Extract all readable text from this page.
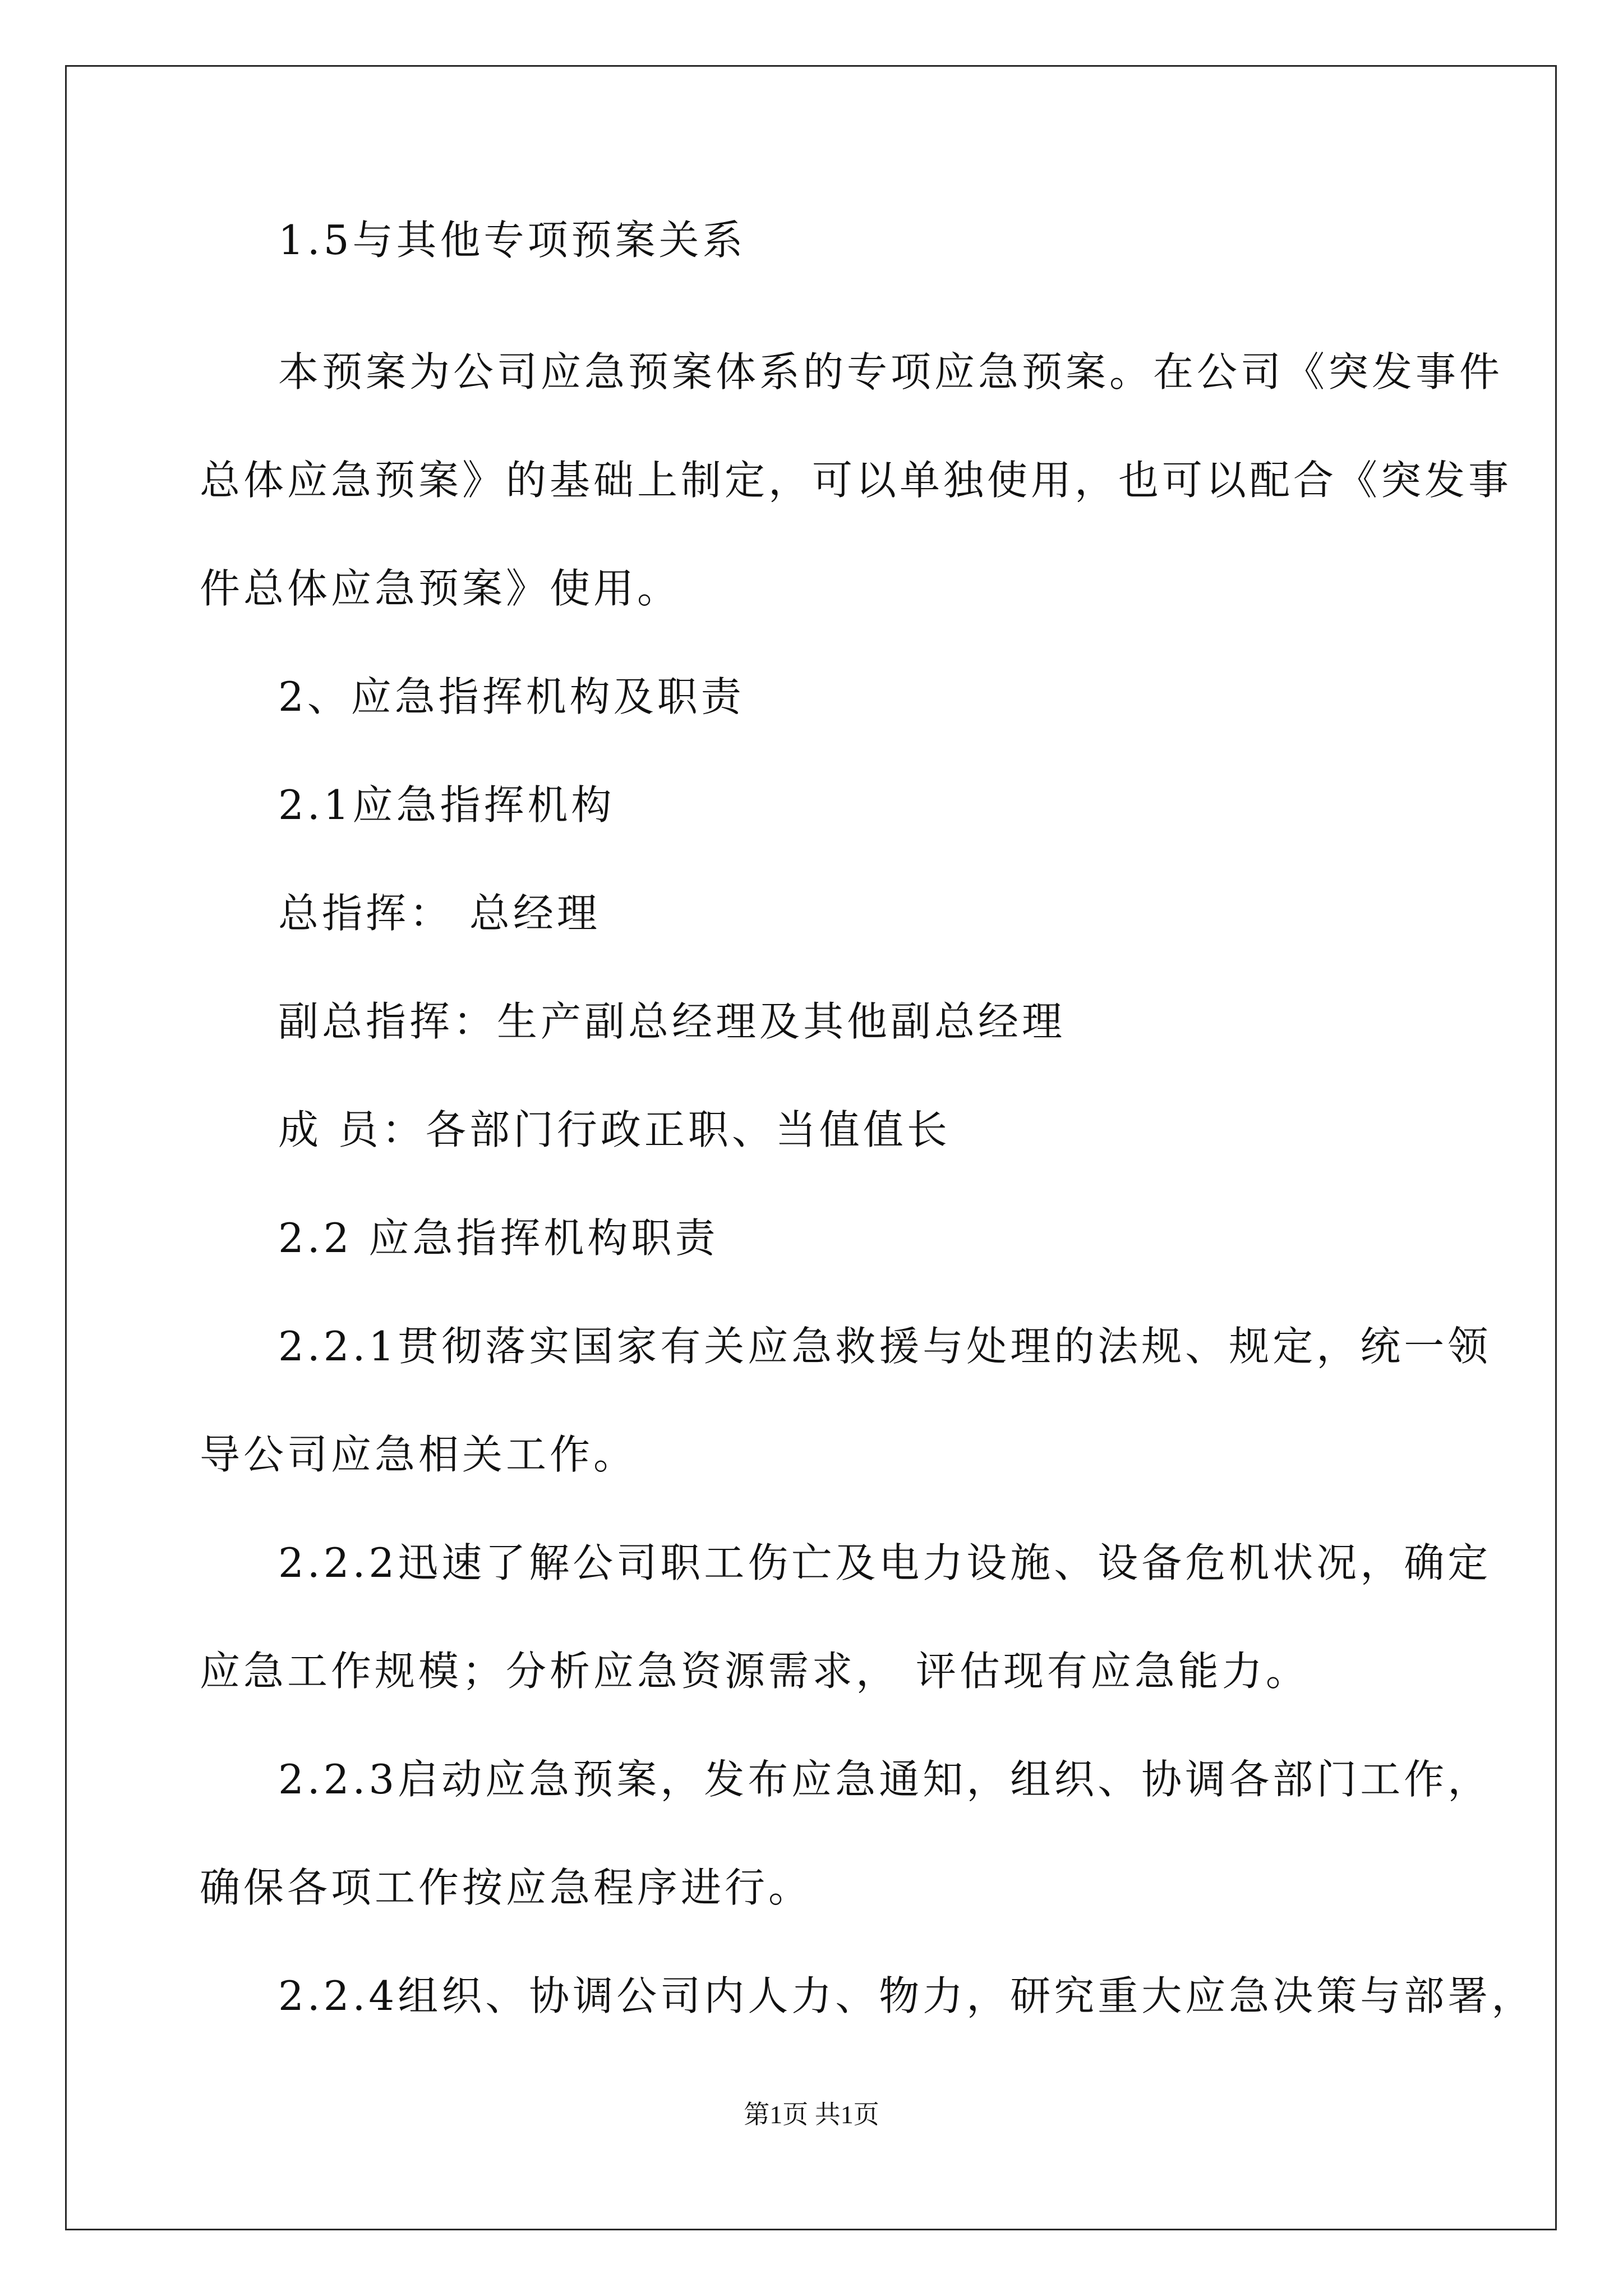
1.5与其他专项预案关系
本预案为公司应急预案体系的专项应急预案。在公司《突发事件
总体应急预案》的基础上制定，可以单独使用，也可以配合《突发事
件总体应急预案》使用。
2、应急指挥机构及职责
2.1应急指挥机构
总指挥： 总经理
副总指挥：生产副总经理及其他副总经理
成 员：各部门行政正职、当值值长
2.2 应急指挥机构职责
2.2.1贯彻落实国家有关应急救援与处理的法规、规定，统一领
导公司应急相关工作。
2.2.2迅速了解公司职工伤亡及电力设施、设备危机状况，确定
应急工作规模；分析应急资源需求， 评估现有应急能力。
2.2.3启动应急预案，发布应急通知，组织、协调各部门工作，
确保各项工作按应急程序进行。
2.2.4组织、协调公司内人力、物力，研究重大应急决策与部署，
第1页 共1页
